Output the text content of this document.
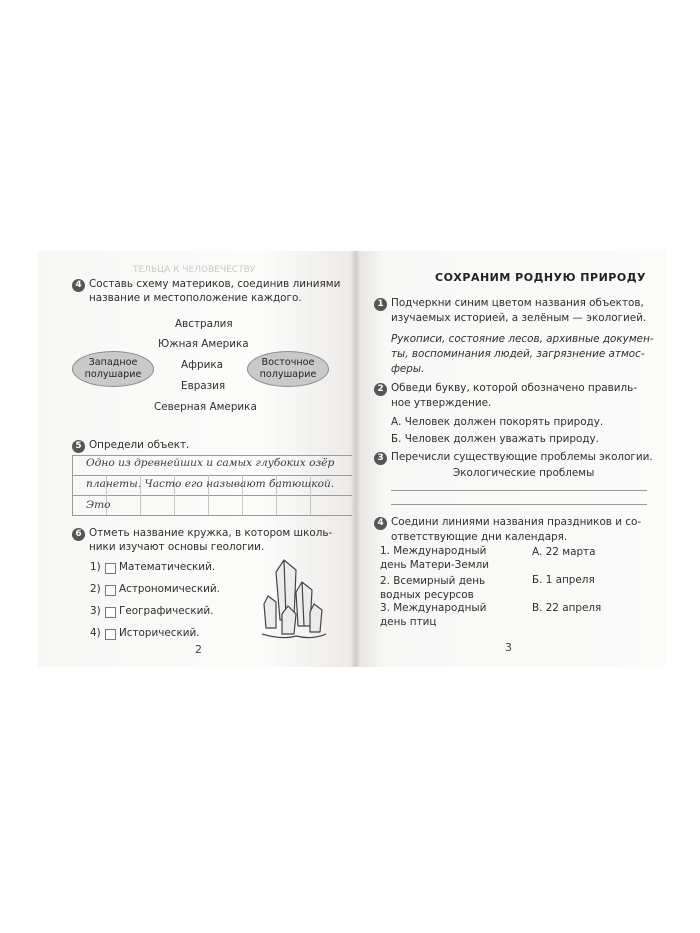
ТЕЛЬЦА К ЧЕЛОВЕЧЕСТВУ
4 Составь схему материков, соединив линиями
название и местоположение каждого.
Австралия
Южная Америка
Африка
Евразия
Северная Америка
Западное
полушарие
Восточное
полушарие
5 Определи объект.
Одно из древнейших и самых глубоких озёр
планеты. Часто его называют батюшкой.
Это
6 Отметь название кружка, в котором школь-
ники изучают основы геологии.
1) Математический.
2) Астрономический.
3) Географический.
4) Исторический.
2
СОХРАНИМ РОДНУЮ ПРИРОДУ
1 Подчеркни синим цветом названия объектов,
изучаемых историей, а зелёным — экологией.
Рукописи, состояние лесов, архивные докумен-
ты, воспоминания людей, загрязнение атмос-
феры.
2 Обведи букву, которой обозначено правиль-
ное утверждение.
А. Человек должен покорять природу.
Б. Человек должен уважать природу.
3 Перечисли существующие проблемы экологии.
Экологические проблемы
4 Соедини линиями названия праздников и со-
ответствующие дни календаря.
1. Международный
день Матери-Земли
2. Всемирный день
водных ресурсов
3. Международный
день птиц
А. 22 марта
Б. 1 апреля
В. 22 апреля
3
